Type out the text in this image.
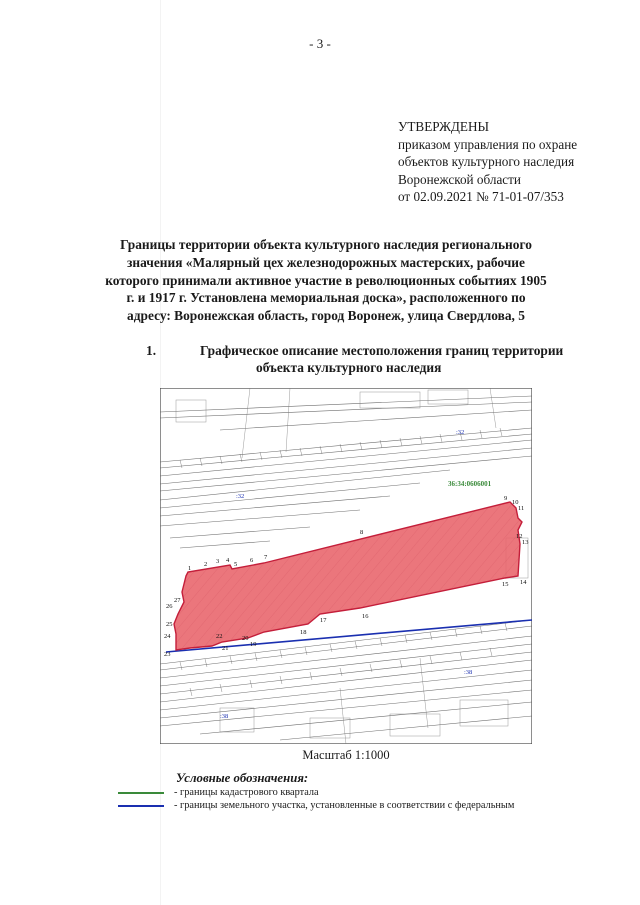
- 3 -
УТВЕРЖДЕНЫ
приказом управления по охране
объектов культурного наследия
Воронежской области
от 02.09.2021 № 71-01-07/353
Границы территории объекта культурного наследия регионального
значения «Малярный цех железнодорожных мастерских, рабочие
которого принимали активное участие в революционных событиях 1905
г. и 1917 г. Установлена мемориальная доска», расположенного по
адресу: Воронежская область, город Воронеж, улица Свердлова, 5
1.	Графическое описание местоположения границ территории
объекта культурного наследия
1
2 3 4
5
6 7
8
9
10
11
12
13
14
15
16
17
18
19
20
21
22
23
24
25
26
27
36:34:0606001
:32
:32
:38
:38
Масштаб 1:1000
Условные обозначения:
- границы кадастрового квартала
- границы земельного участка, установленные в соответствии с федеральным
